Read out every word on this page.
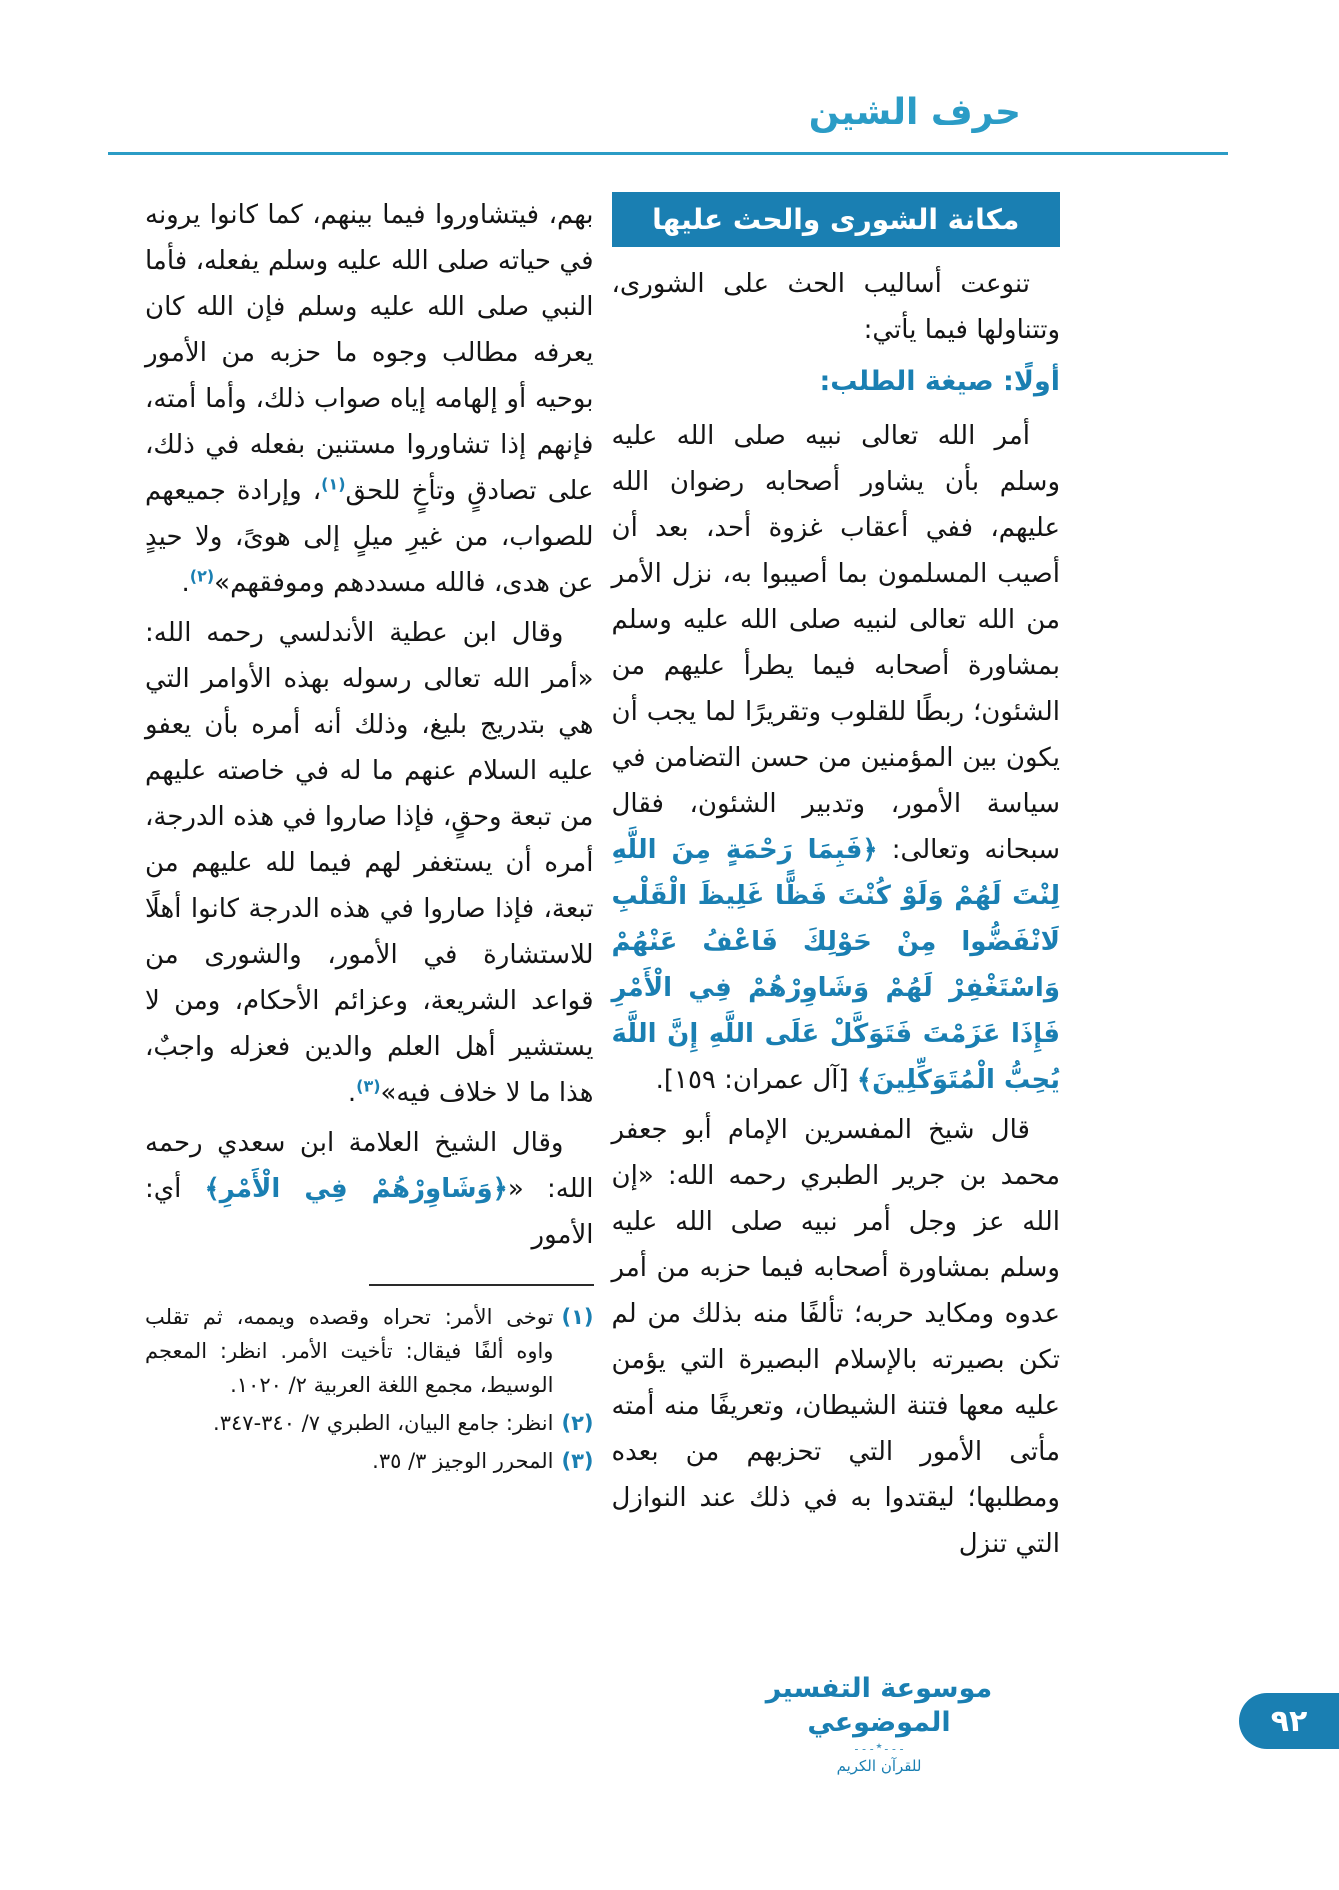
حرف الشين
مكانة الشورى والحث عليها

تنوعت أساليب الحث على الشورى، وتتناولها فيما يأتي:

أولًا: صيغة الطلب:

أمر الله تعالى نبيه صلى الله عليه وسلم بأن يشاور أصحابه رضوان الله عليهم، ففي أعقاب غزوة أحد، بعد أن أصيب المسلمون بما أصيبوا به، نزل الأمر من الله تعالى لنبيه صلى الله عليه وسلم بمشاورة أصحابه فيما يطرأ عليهم من الشئون؛ ربطًا للقلوب وتقريرًا لما يجب أن يكون بين المؤمنين من حسن التضامن في سياسة الأمور، وتدبير الشئون، فقال سبحانه وتعالى: ﴿فَبِمَا رَحْمَةٍ مِنَ اللَّهِ لِنْتَ لَهُمْ وَلَوْ كُنْتَ فَظًّا غَلِيظَ الْقَلْبِ لَانْفَضُّوا مِنْ حَوْلِكَ فَاعْفُ عَنْهُمْ وَاسْتَغْفِرْ لَهُمْ وَشَاوِرْهُمْ فِي الْأَمْرِ فَإِذَا عَزَمْتَ فَتَوَكَّلْ عَلَى اللَّهِ إِنَّ اللَّهَ يُحِبُّ الْمُتَوَكِّلِينَ﴾ [آل عمران: ١٥٩].

قال شيخ المفسرين الإمام أبو جعفر محمد بن جرير الطبري رحمه الله: «إن الله عز وجل أمر نبيه صلى الله عليه وسلم بمشاورة أصحابه فيما حزبه من أمر عدوه ومكايد حربه؛ تألفًا منه بذلك من لم تكن بصيرته بالإسلام البصيرة التي يؤمن عليه معها فتنة الشيطان، وتعريفًا منه أمته مأتى الأمور التي تحزبهم من بعده ومطلبها؛ ليقتدوا به في ذلك عند النوازل التي تنزل

بهم، فيتشاوروا فيما بينهم، كما كانوا يرونه في حياته صلى الله عليه وسلم يفعله، فأما النبي صلى الله عليه وسلم فإن الله كان يعرفه مطالب وجوه ما حزبه من الأمور بوحيه أو إلهامه إياه صواب ذلك، وأما أمته، فإنهم إذا تشاوروا مستنين بفعله في ذلك، على تصادقٍ وتأخٍ للحق$^{(١)}$، وإرادة جميعهم للصواب، من غيرِ ميلٍ إلى هوىً، ولا حيدٍ عن هدى، فالله مسددهم وموفقهم»$^{(٢)}$.

وقال ابن عطية الأندلسي رحمه الله: «أمر الله تعالى رسوله بهذه الأوامر التي هي بتدريج بليغ، وذلك أنه أمره بأن يعفو عليه السلام عنهم ما له في خاصته عليهم من تبعة وحقٍ، فإذا صاروا في هذه الدرجة، أمره أن يستغفر لهم فيما لله عليهم من تبعة، فإذا صاروا في هذه الدرجة كانوا أهلًا للاستشارة في الأمور، والشورى من قواعد الشريعة، وعزائم الأحكام، ومن لا يستشير أهل العلم والدين فعزله واجبٌ، هذا ما لا خلاف فيه»$^{(٣)}$.

وقال الشيخ العلامة ابن سعدي رحمه الله: «﴿وَشَاوِرْهُمْ فِي الْأَمْرِ﴾ أي: الأمور

(١)
توخى الأمر: تحراه وقصده ويممه، ثم تقلب واوه ألفًا فيقال: تأخيت الأمر. انظر: المعجم الوسيط، مجمع اللغة العربية ٢/ ١٠٢٠.
(٢)
انظر: جامع البيان، الطبري ٧/ ٣٤٠-٣٤٧.
(٣)
المحرر الوجيز ٣/ ٣٥.
موسوعة التفسير الموضوعي
۔۔۔٭۔۔۔
للقرآن الكريم
٩٢
